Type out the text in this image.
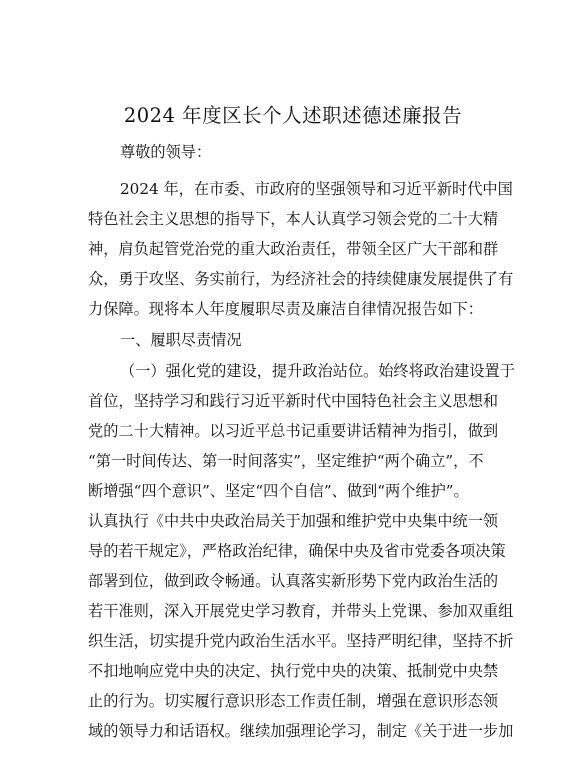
2024 年度区长个人述职述德述廉报告
尊敬的领导：
2024 年，在市委、市政府的坚强领导和习近平新时代中国
特色社会主义思想的指导下，本人认真学习领会党的二十大精
神，肩负起管党治党的重大政治责任，带领全区广大干部和群
众，勇于攻坚、务实前行，为经济社会的持续健康发展提供了有
力保障。现将本人年度履职尽责及廉洁自律情况报告如下：
一、履职尽责情况
（一）强化党的建设，提升政治站位。始终将政治建设置于
首位，坚持学习和践行习近平新时代中国特色社会主义思想和
党的二十大精神。以习近平总书记重要讲话精神为指引，做到
“第一时间传达、第一时间落实”，坚定维护“两个确立”，不
断增强“四个意识”、坚定“四个自信”、做到“两个维护”。
认真执行《中共中央政治局关于加强和维护党中央集中统一领
导的若干规定》，严格政治纪律，确保中央及省市党委各项决策
部署到位，做到政令畅通。认真落实新形势下党内政治生活的
若干准则，深入开展党史学习教育，并带头上党课、参加双重组
织生活，切实提升党内政治生活水平。坚持严明纪律，坚持不折
不扣地响应党中央的决定、执行党中央的决策、抵制党中央禁
止的行为。切实履行意识形态工作责任制，增强在意识形态领
域的领导力和话语权。继续加强理论学习，制定《关于进一步加
